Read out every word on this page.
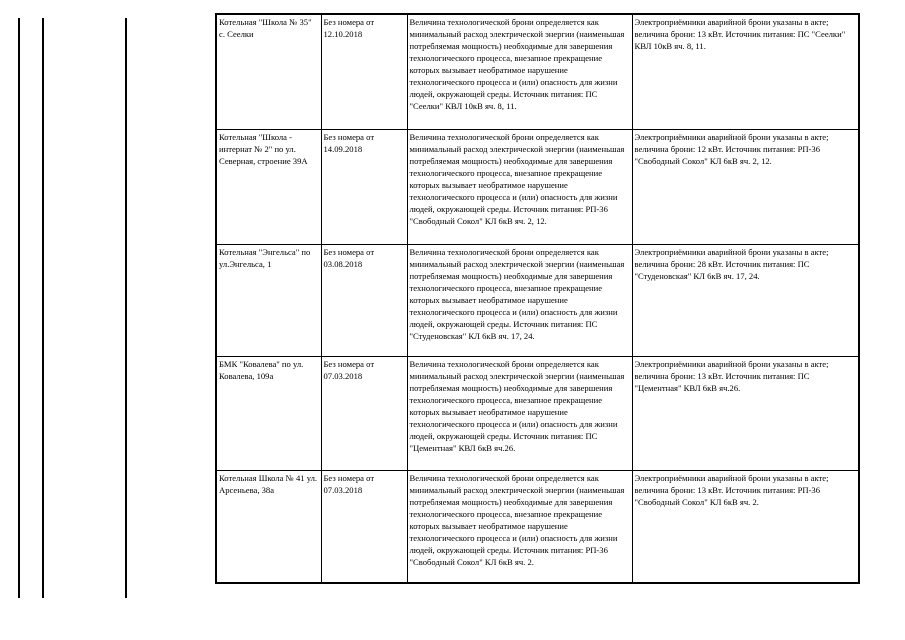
Котельная "Школа № 35" с. Сеелки	Без номера от 12.10.2018	Величина технологической брони определяется как минимальный расход электрической энергии (наименьшая потребляемая мощность) необходимые для завершения технологического процесса, внезапное прекращение которых вызывает необратимое нарушение технологического процесса и (или) опасность для жизни людей, окружающей среды. Источник питания: ПС "Сеелки" КВЛ 10кВ яч. 8, 11.	Электроприёмники аварийной брони указаны в акте; величина брони: 13 кВт. Источник питания: ПС "Сеелки" КВЛ 10кВ яч. 8, 11.

Котельная "Школа - интернат № 2" по ул. Северная, строение 39А	Без номера от 14.09.2018	Величина технологической брони определяется как минимальный расход электрической энергии (наименьшая потребляемая мощность) необходимые для завершения технологического процесса, внезапное прекращение которых вызывает необратимое нарушение технологического процесса и (или) опасность для жизни людей, окружающей среды. Источник питания: РП-36 "Свободный Сокол" КЛ 6кВ яч. 2, 12.	Электроприёмники аварийной брони указаны в акте; величина брони: 12 кВт. Источник питания: РП-36 "Свободный Сокол" КЛ 6кВ яч. 2, 12.

Котельная "Энгельса" по ул.Энгельса, 1	Без номера от 03.08.2018	Величина технологической брони определяется как минимальный расход электрической энергии (наименьшая потребляемая мощность) необходимые для завершения технологического процесса, внезапное прекращение которых вызывает необратимое нарушение технологического процесса и (или) опасность для жизни людей, окружающей среды. Источник питания: ПС "Студеновская" КЛ 6кВ яч. 17, 24.	Электроприёмники аварийной брони указаны в акте; величина брони: 28 кВт. Источник питания: ПС "Студеновская" КЛ 6кВ яч. 17, 24.

БМК "Ковалева" по ул. Ковалева, 109а	Без номера от 07.03.2018	Величина технологической брони определяется как минимальный расход электрической энергии (наименьшая потребляемая мощность) необходимые для завершения технологического процесса, внезапное прекращение которых вызывает необратимое нарушение технологического процесса и (или) опасность для жизни людей, окружающей среды. Источник питания: ПС "Цементная" КВЛ 6кВ яч.26.	Электроприёмники аварийной брони указаны в акте; величина брони: 13 кВт. Источник питания: ПС "Цементная" КВЛ 6кВ яч.26.

Котельная Школа № 41 ул. Арсеньева, 38а	Без номера от 07.03.2018	Величина технологической брони определяется как минимальный расход электрической энергии (наименьшая потребляемая мощность) необходимые для завершения технологического процесса, внезапное прекращение которых вызывает необратимое нарушение технологического процесса и (или) опасность для жизни людей, окружающей среды. Источник питания: РП-36 "Свободный Сокол" КЛ 6кВ яч. 2.	Электроприёмники аварийной брони указаны в акте; величина брони: 13 кВт. Источник питания: РП-36 "Свободный Сокол" КЛ 6кВ яч. 2.
